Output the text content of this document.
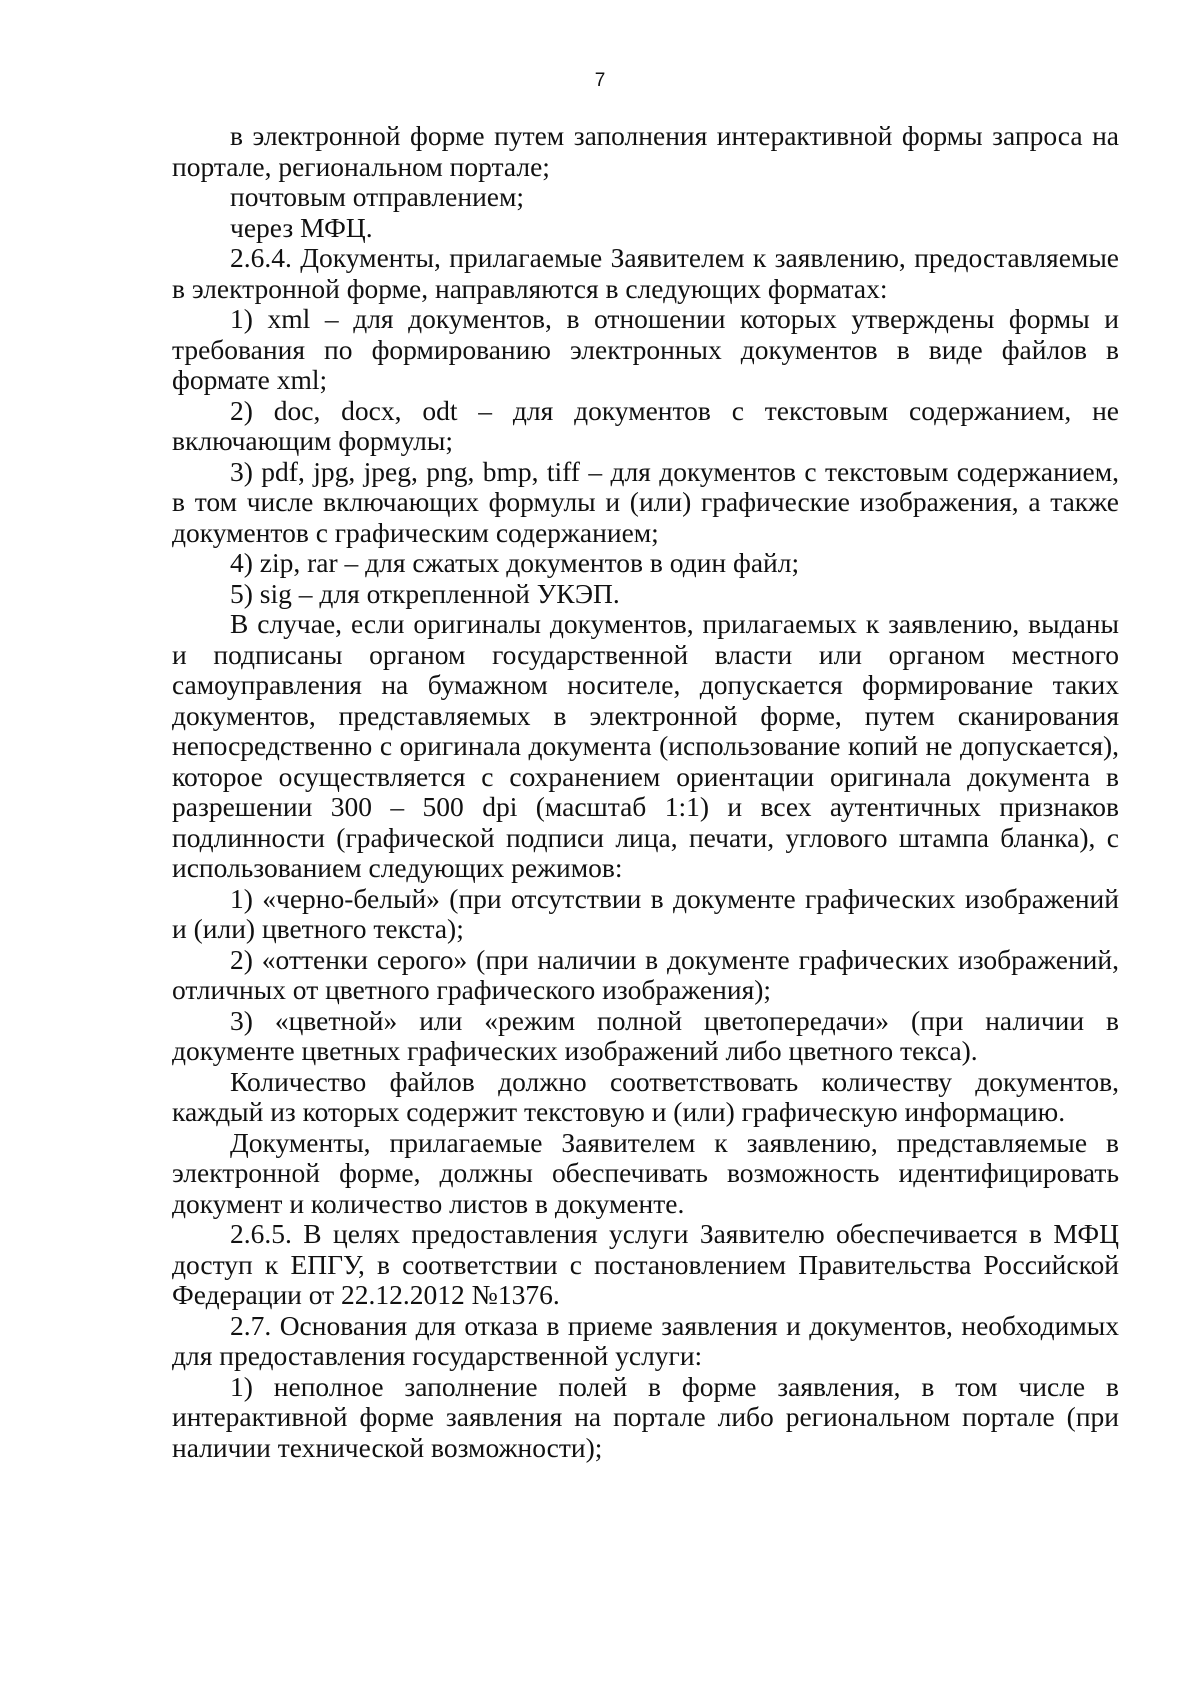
7

в электронной форме путем заполнения интерактивной формы запроса на портале, региональном портале;

почтовым отправлением;

через МФЦ.

2.6.4. Документы, прилагаемые Заявителем к заявлению, предоставляемые в электронной форме, направляются в следующих форматах:

1) xml – для документов, в отношении которых утверждены формы и требования по формированию электронных документов в виде файлов в формате xml;

2) doc, docx, odt – для документов с текстовым содержанием, не включающим формулы;

3) pdf, jpg, jpeg, png, bmp, tiff – для документов с текстовым содержанием, в том числе включающих формулы и (или) графические изображения, а также документов с графическим содержанием;

4) zip, rar – для сжатых документов в один файл;

5) sig – для открепленной УКЭП.

В случае, если оригиналы документов, прилагаемых к заявлению, выданы и подписаны органом государственной власти или органом местного самоуправления на бумажном носителе, допускается формирование таких документов, представляемых в электронной форме, путем сканирования непосредственно с оригинала документа (использование копий не допускается), которое осуществляется с сохранением ориентации оригинала документа в разрешении 300 – 500 dpi (масштаб 1:1) и всех аутентичных признаков подлинности (графической подписи лица, печати, углового штампа бланка), с использованием следующих режимов:

1) «черно-белый» (при отсутствии в документе графических изображений и (или) цветного текста);

2) «оттенки серого» (при наличии в документе графических изображений, отличных от цветного графического изображения);

3) «цветной» или «режим полной цветопередачи» (при наличии в документе цветных графических изображений либо цветного текса).

Количество файлов должно соответствовать количеству документов, каждый из которых содержит текстовую и (или) графическую информацию.

Документы, прилагаемые Заявителем к заявлению, представляемые в электронной форме, должны обеспечивать возможность идентифицировать документ и количество листов в документе.

2.6.5. В целях предоставления услуги Заявителю обеспечивается в МФЦ доступ к ЕПГУ, в соответствии с постановлением Правительства Российской Федерации от 22.12.2012 №1376.

2.7. Основания для отказа в приеме заявления и документов, необходимых для предоставления государственной услуги:

1) неполное заполнение полей в форме заявления, в том числе в интерактивной форме заявления на портале либо региональном портале (при наличии технической возможности);
